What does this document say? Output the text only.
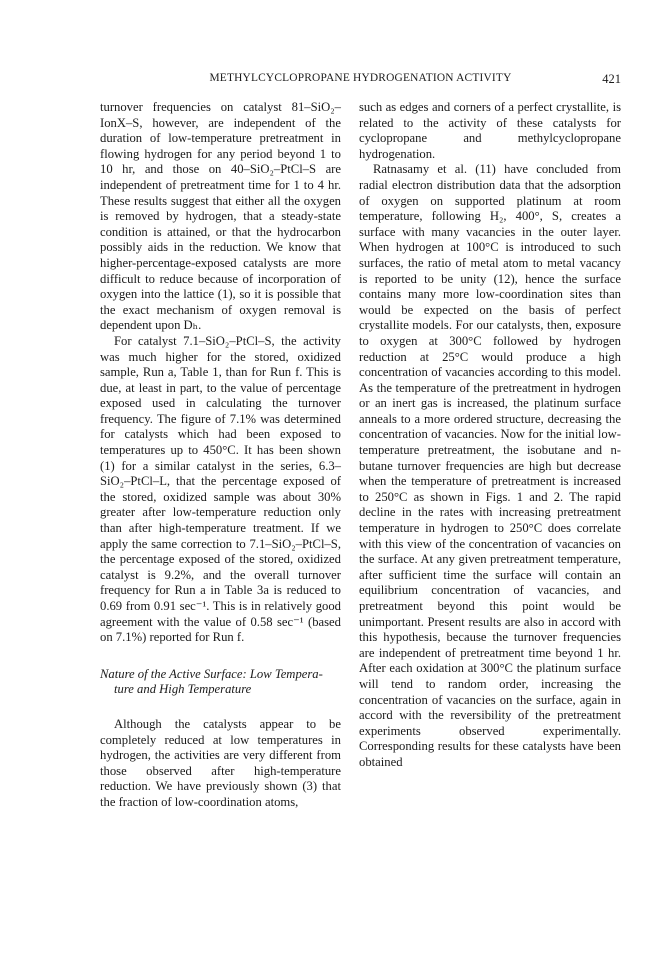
METHYLCYCLOPROPANE HYDROGENATION ACTIVITY	421

turnover frequencies on catalyst 81–SiO₂–IonX–S, however, are independent of the duration of low-temperature pretreatment in flowing hydrogen for any period beyond 1 to 10 hr, and those on 40–SiO₂–PtCl–S are independent of pretreatment time for 1 to 4 hr. These results suggest that either all the oxygen is removed by hydrogen, that a steady-state condition is attained, or that the hydrocarbon possibly aids in the reduction. We know that higher-percentage-exposed catalysts are more difficult to reduce because of incorporation of oxygen into the lattice (1), so it is possible that the exact mechanism of oxygen removal is dependent upon Dₕ.

For catalyst 7.1–SiO₂–PtCl–S, the activity was much higher for the stored, oxidized sample, Run a, Table 1, than for Run f. This is due, at least in part, to the value of percentage exposed used in calculating the turnover frequency. The figure of 7.1% was determined for catalysts which had been exposed to temperatures up to 450°C. It has been shown (1) for a similar catalyst in the series, 6.3–SiO₂–PtCl–L, that the percentage exposed of the stored, oxidized sample was about 30% greater after low-temperature reduction only than after high-temperature treatment. If we apply the same correction to 7.1–SiO₂–PtCl–S, the percentage exposed of the stored, oxidized catalyst is 9.2%, and the overall turnover frequency for Run a in Table 3a is reduced to 0.69 from 0.91 sec⁻¹. This is in relatively good agreement with the value of 0.58 sec⁻¹ (based on 7.1%) reported for Run f.

Nature of the Active Surface: Low Tempera-
ture and High Temperature

Although the catalysts appear to be completely reduced at low temperatures in hydrogen, the activities are very different from those observed after high-temperature reduction. We have previously shown (3) that the fraction of low-coordination atoms,

such as edges and corners of a perfect crystallite, is related to the activity of these catalysts for cyclopropane and methylcyclopropane hydrogenation.

Ratnasamy et al. (11) have concluded from radial electron distribution data that the adsorption of oxygen on supported platinum at room temperature, following H₂, 400°, S, creates a surface with many vacancies in the outer layer. When hydrogen at 100°C is introduced to such surfaces, the ratio of metal atom to metal vacancy is reported to be unity (12), hence the surface contains many more low-coordination sites than would be expected on the basis of perfect crystallite models. For our catalysts, then, exposure to oxygen at 300°C followed by hydrogen reduction at 25°C would produce a high concentration of vacancies according to this model. As the temperature of the pretreatment in hydrogen or an inert gas is increased, the platinum surface anneals to a more ordered structure, decreasing the concentration of vacancies. Now for the initial low-temperature pretreatment, the isobutane and n-butane turnover frequencies are high but decrease when the temperature of pretreatment is increased to 250°C as shown in Figs. 1 and 2. The rapid decline in the rates with increasing pretreatment temperature in hydrogen to 250°C does correlate with this view of the concentration of vacancies on the surface. At any given pretreatment temperature, after sufficient time the surface will contain an equilibrium concentration of vacancies, and pretreatment beyond this point would be unimportant. Present results are also in accord with this hypothesis, because the turnover frequencies are independent of pretreatment time beyond 1 hr. After each oxidation at 300°C the platinum surface will tend to random order, increasing the concentration of vacancies on the surface, again in accord with the reversibility of the pretreatment experiments observed experimentally. Corresponding results for these catalysts have been obtained
